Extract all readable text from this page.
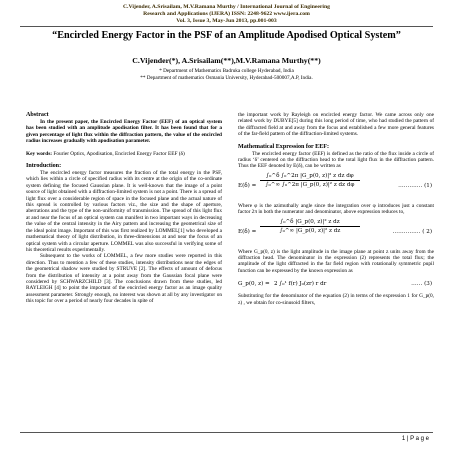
C.Vijender, A.Srisailam, M.V.Ramana Murthy / International Journal of Engineering
Research and Applications (IJERA) ISSN: 2248-9622 www.ijera.com
Vol. 3, Issue 3, May-Jun 2013, pp.001-003
“Encircled Energy Factor in the PSF of an Amplitude Apodised Optical System”
C.Vijender(*), A.Srisailam(**),M.V.Ramana Murthy(**)
* Department of Mathematics Badruka college Hyderabad, India
** Department of mathematics Osmania University, Hyderabad-500007,A.P, India.
Abstract

In the present paper, the Encircled Energy Factor (EEF) of an optical system has been studied with an amplitude apodisation filter. It has been found that for a given percentage of light flux within the diffraction pattern, the value of the encircled radius increases gradually with apodisation parameter.

Key words: Fourier Optics, Apodisation, Encircled Energy Factor EEF (δ)

Introduction:

The encircled energy factor measures the fraction of the total energy in the PSF, which lies within a circle of specified radius with its centre at the origin of the co-ordinate system defining the focused Gaussian plane. It is well-known that the image of a point source of light obtained with a diffraction-limited system is not a point. There is a spread of light flux over a considerable region of space in the focused plane and the actual nature of this spread is controlled by various factors viz., the size and the shape of aperture, aberrations and the type of the non-uniformity of transmission. The spread of this light flux at and near the focus of an optical system can manifest in two important ways in decreasing the value of the central intensity in the Airy pattern and increasing the geometrical size of the ideal point image. Important of this was first realized by LOMMEL[1] who developed a mathematical theory of light distribution, in three-dimensions at and near the focus of an optical system with a circular aperture. LOMMEL was also successful in verifying some of his theoretical results experimentally.

Subsequent to the works of LOMMEL, a few more studies were reported in this direction. Thus to mention a few of these studies, intensity distributions near the edges of the geometrical shadow were studied by STRUVE [2]. The effects of amount of defocus from the distribution of intensity at a point away from the Gaussian focal plane were considered by SCHWARZCHILD [3]. The conclusions drawn from these studies, led RAYLEIGH [4] to point the important of the encircled energy factor as an image quality assessment parameter. Strongly enough, no interest was shown at all by any investigator on this topic for over a period of nearly four decades in spite of

the important work by Rayleigh on encircled energy factor. We came across only one related work by DUBYE[5] during this long period of time, who had studied the pattern of the diffracted field at and away from the focus and established a few more general features of the far-field pattern of the diffraction-limited systems.

Mathematical Expression for EEF:

The encircled energy factor (EEF) is defined as the ratio of the flux inside a circle of radius ‘δ’ centered on the diffraction head to the total light flux in the diffraction pattern. Thus the EEF denoted by E(δ), can be written as

$E(\delta) = \frac{\text{∫₀\textasciicircum{}δ ∫₀\textasciicircum{}2π |G\_p(0, z)|² z dz dφ}}{\text{∫₀\textasciicircum{}∞ ∫₀\textasciicircum{}2π |G\_p(0, z)|² z dz dφ}}$	…………. (1)

Where φ is the azimuthally angle since the integration over φ introduces just a constant factor 2π in both the numerator and denominator, above expression reduces to,

$E(\delta) = \frac{\text{∫₀\textasciicircum{}δ |G\_p(0, z)|² z dz}}{\text{∫₀\textasciicircum{}∞ |G\_p(0, z)|² z dz}}$	…………… ( 2)

Where G_p(0, z) is the light amplitude in the image plane at point z units away from the diffraction head. The denominator in the expression (2) represents the total flux; the amplitude of the light diffracted in the far field region with rotationally symmetric pupil function can be expressed by the known expression as

G_p(0, z) = 2 ∫₀¹ f(r) J₀(zr) r dr	…… (3)

Substituting for the denominator of the equation (2) in terms of the expression 1 for G_p(0, z) , we obtain for co-sinusoid filters,

1 | P a g e
